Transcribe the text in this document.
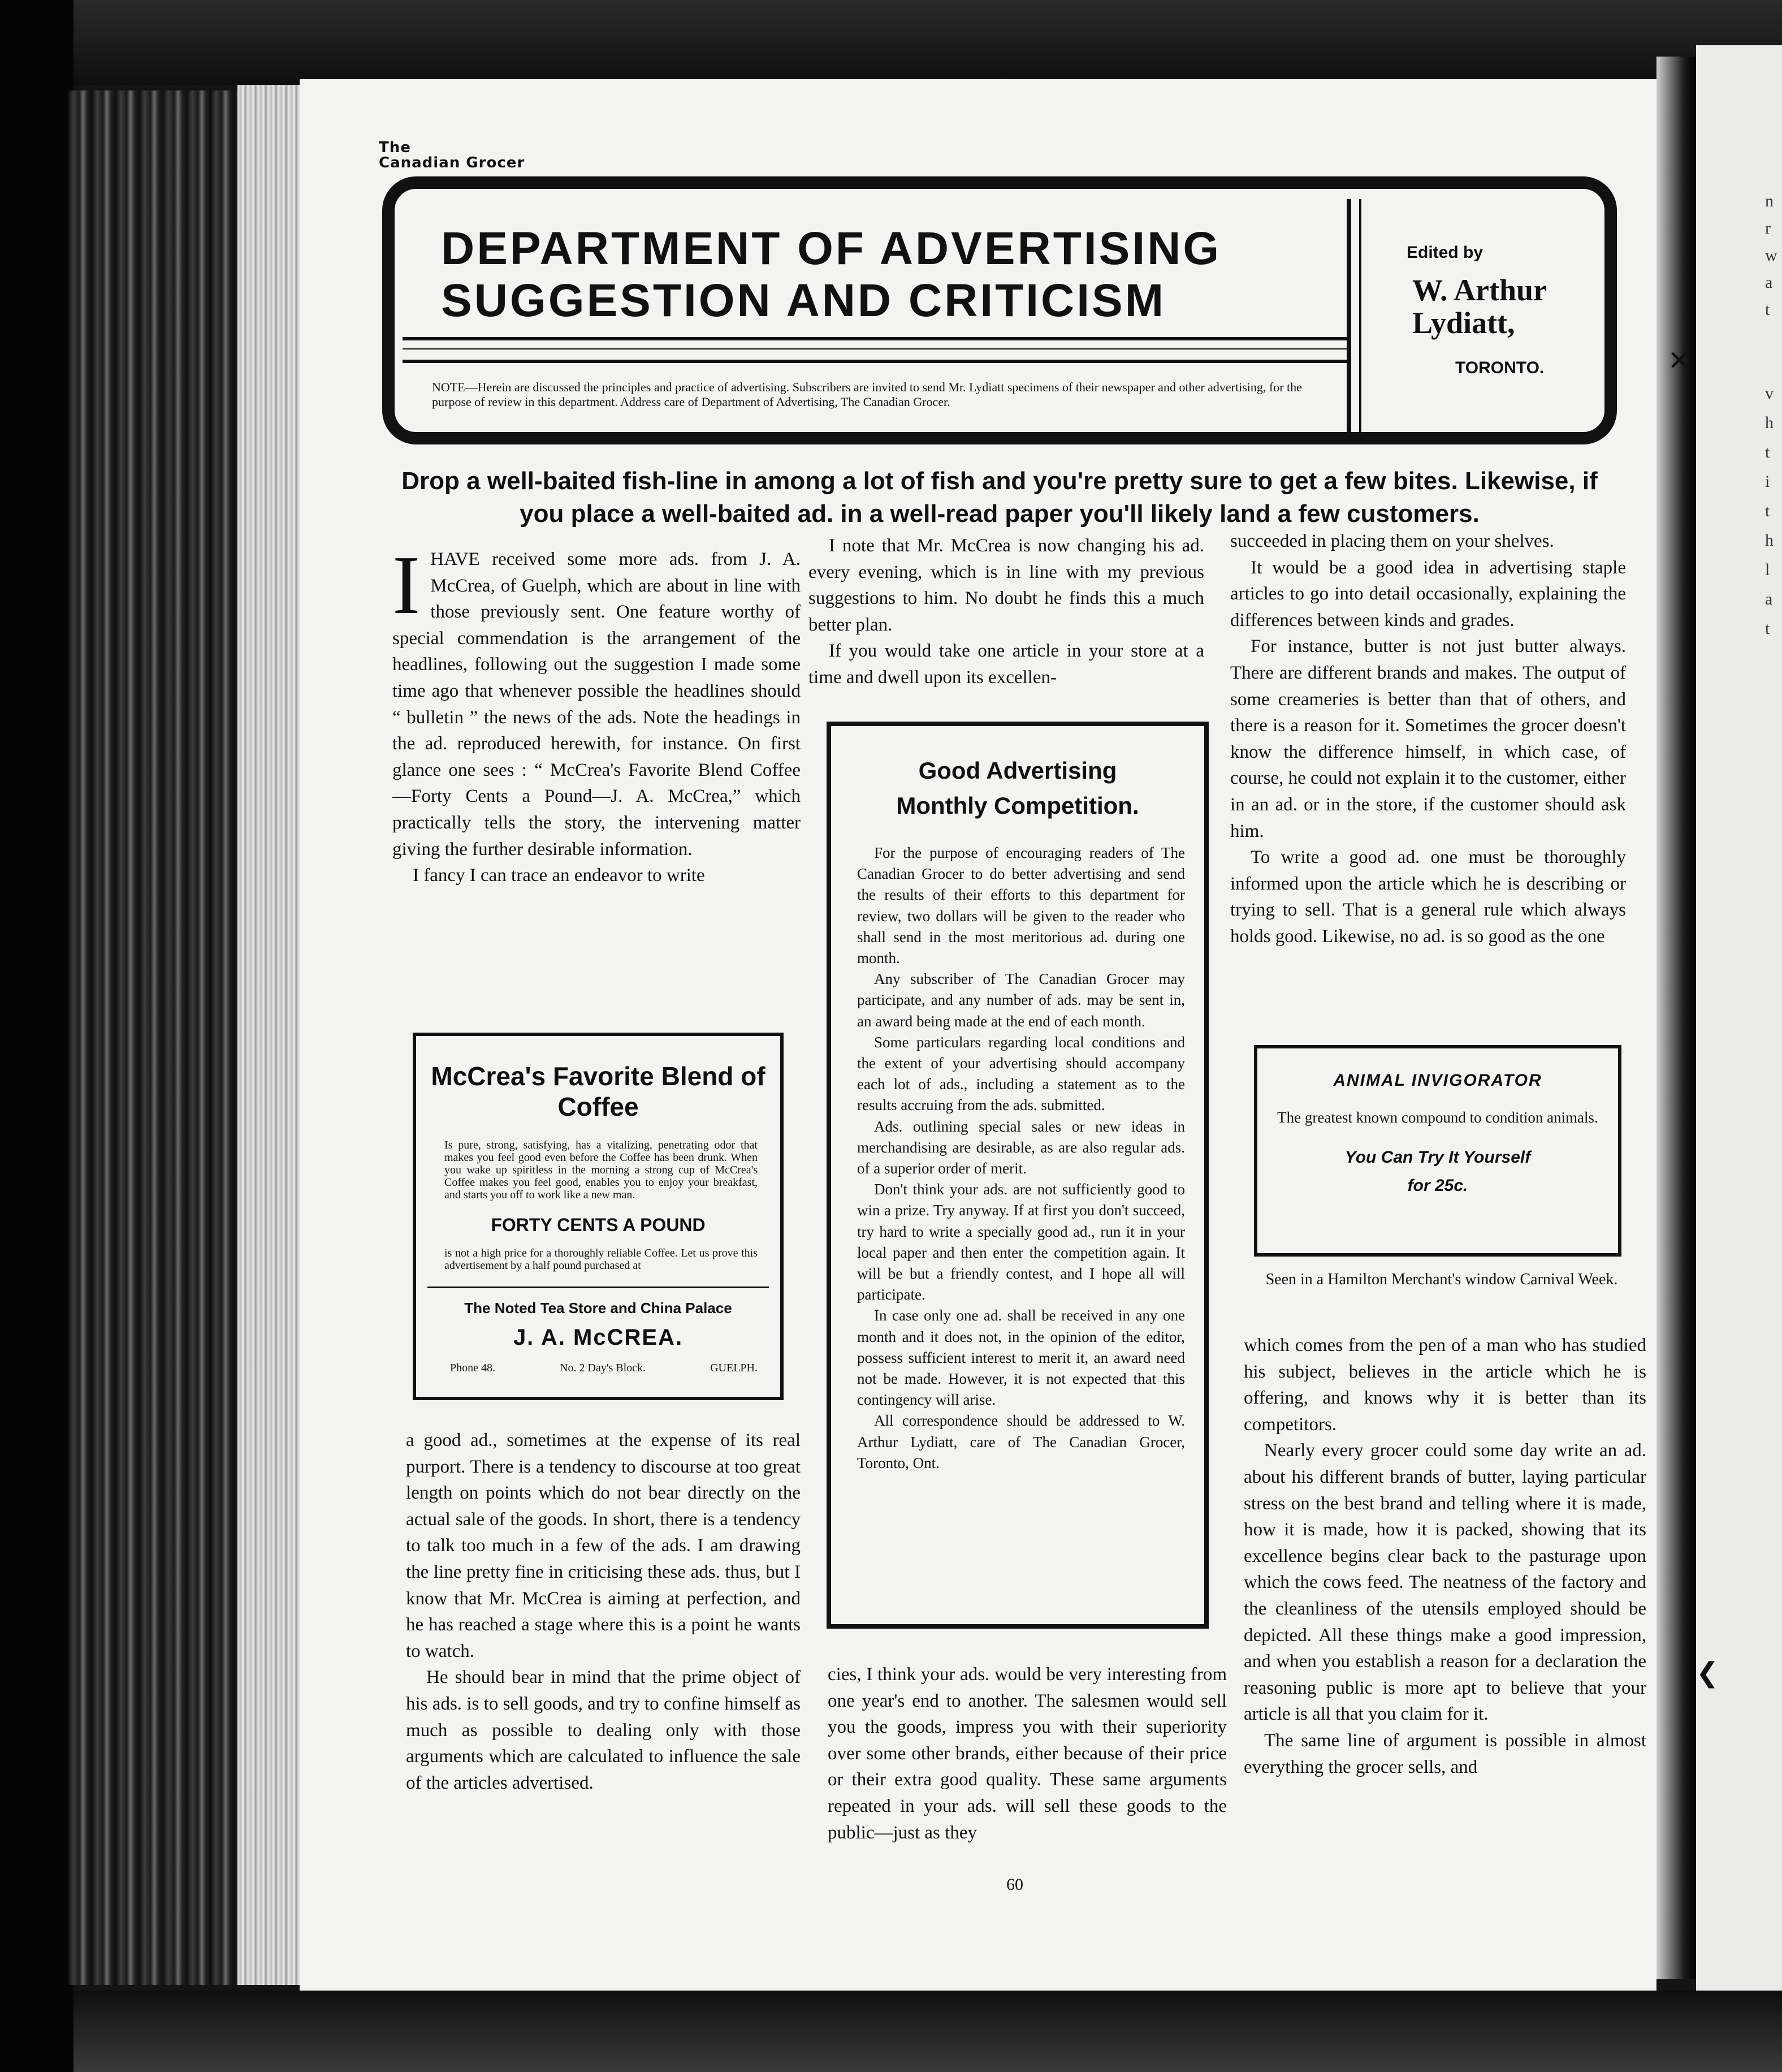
n
r
w
a
t
v
h
t
i
t
h
l
a
t
The
Canadian Grocer
DEPARTMENT OF ADVERTISING
SUGGESTION AND CRITICISM
NOTE—Herein are discussed the principles and practice of advertising. Subscribers are invited to send Mr. Lydiatt specimens of their newspaper and other advertising, for the purpose of review in this department. Address care of Department of Advertising, The Canadian Grocer.
Edited by
W. Arthur
Lydiatt,
TORONTO.
Drop a well-baited fish-line in among a lot of fish and you're pretty sure to get a few bites. Likewise, if you place a well-baited ad. in a well-read paper you'll likely land a few customers.

IHAVE received some more ads. from J. A. McCrea, of Guelph, which are about in line with those previously sent. One feature worthy of special commendation is the arrangement of the headlines, following out the suggestion I made some time ago that whenever possible the headlines should “ bulletin ” the news of the ads. Note the headings in the ad. reproduced herewith, for instance. On first glance one sees : “ McCrea's Favorite Blend Coffee —Forty Cents a Pound—J. A. McCrea,” which practically tells the story, the intervening matter giving the further desirable information.

I fancy I can trace an endeavor to write

McCrea's Favorite Blend of Coffee
Is pure, strong, satisfying, has a vitalizing, penetrating odor that makes you feel good even before the Coffee has been drunk. When you wake up spiritless in the morning a strong cup of McCrea's Coffee makes you feel good, enables you to enjoy your breakfast, and starts you off to work like a new man.
FORTY CENTS A POUND
is not a high price for a thoroughly reliable Coffee. Let us prove this advertisement by a half pound purchased at
The Noted Tea Store and China Palace
J. A. McCREA.
Phone 48.	No. 2 Day's Block.	GUELPH.

a good ad., sometimes at the expense of its real purport. There is a tendency to discourse at too great length on points which do not bear directly on the actual sale of the goods. In short, there is a tendency to talk too much in a few of the ads. I am drawing the line pretty fine in criticising these ads. thus, but I know that Mr. McCrea is aiming at perfection, and he has reached a stage where this is a point he wants to watch.

He should bear in mind that the prime object of his ads. is to sell goods, and try to confine himself as much as possible to dealing only with those arguments which are calculated to influence the sale of the articles advertised.

I note that Mr. McCrea is now changing his ad. every evening, which is in line with my previous suggestions to him. No doubt he finds this a much better plan.

If you would take one article in your store at a time and dwell upon its excellen-

Good Advertising
Monthly Competition.

For the purpose of encouraging readers of The Canadian Grocer to do better advertising and send the results of their efforts to this department for review, two dollars will be given to the reader who shall send in the most meritorious ad. during one month.

Any subscriber of The Canadian Grocer may participate, and any number of ads. may be sent in, an award being made at the end of each month.

Some particulars regarding local conditions and the extent of your advertising should accompany each lot of ads., including a statement as to the results accruing from the ads. submitted.

Ads. outlining special sales or new ideas in merchandising are desirable, as are also regular ads. of a superior order of merit.

Don't think your ads. are not sufficiently good to win a prize. Try anyway. If at first you don't succeed, try hard to write a specially good ad., run it in your local paper and then enter the competition again. It will be but a friendly contest, and I hope all will participate.

In case only one ad. shall be received in any one month and it does not, in the opinion of the editor, possess sufficient interest to merit it, an award need not be made. However, it is not expected that this contingency will arise.

All correspondence should be addressed to W. Arthur Lydiatt, care of The Canadian Grocer, Toronto, Ont.

cies, I think your ads. would be very interesting from one year's end to another. The salesmen would sell you the goods, impress you with their superiority over some other brands, either because of their price or their extra good quality. These same arguments repeated in your ads. will sell these goods to the public—just as they

succeeded in placing them on your shelves.

It would be a good idea in advertising staple articles to go into detail occasionally, explaining the differences between kinds and grades.

For instance, butter is not just butter always. There are different brands and makes. The output of some creameries is better than that of others, and there is a reason for it. Sometimes the grocer doesn't know the difference himself, in which case, of course, he could not explain it to the customer, either in an ad. or in the store, if the customer should ask him.

To write a good ad. one must be thoroughly informed upon the article which he is describing or trying to sell. That is a general rule which always holds good. Likewise, no ad. is so good as the one

ANIMAL INVIGORATOR
The greatest known compound to condition animals.
You Can Try It Yourself
for 25c.
Seen in a Hamilton Merchant's window Carnival Week.

which comes from the pen of a man who has studied his subject, believes in the article which he is offering, and knows why it is better than its competitors.

Nearly every grocer could some day write an ad. about his different brands of butter, laying particular stress on the best brand and telling where it is made, how it is made, how it is packed, showing that its excellence begins clear back to the pasturage upon which the cows feed. The neatness of the factory and the cleanliness of the utensils employed should be depicted. All these things make a good impression, and when you establish a reason for a declaration the reasoning public is more apt to believe that your article is all that you claim for it.

The same line of argument is possible in almost everything the grocer sells, and

60
✕
❮
